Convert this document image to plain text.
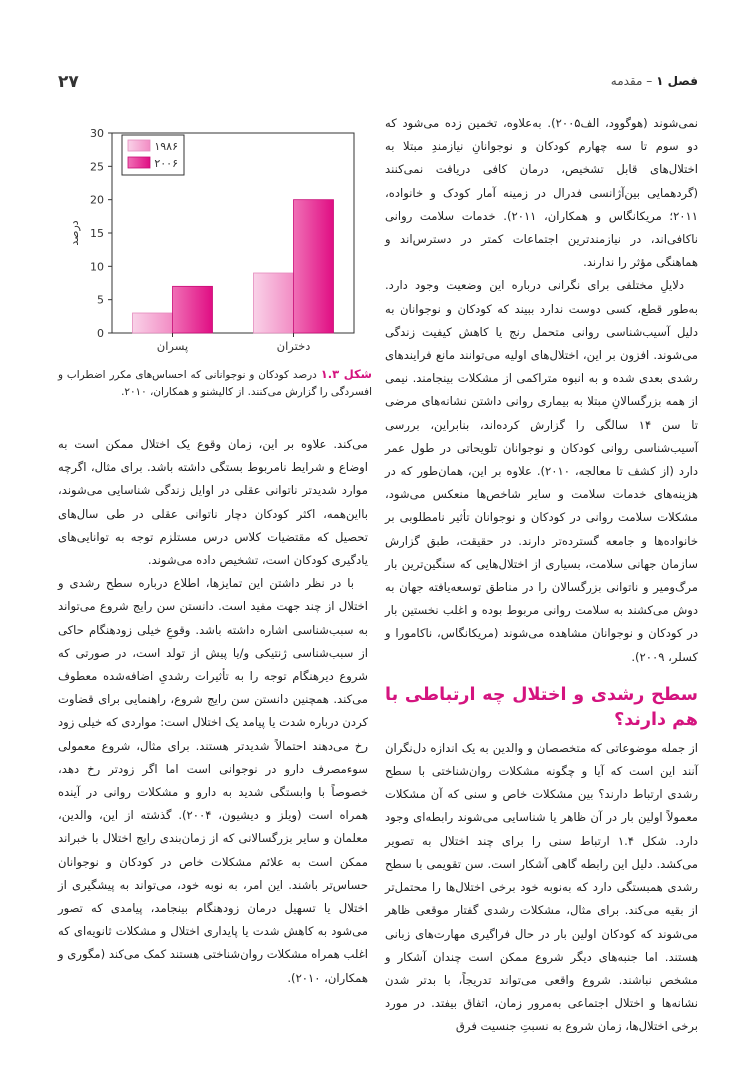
۲۷	فصل ۱ – مقدمه
0
5
10
15
20
25
30
دختران
پسران
درصد
۱۹۸۶
۲۰۰۶
شکل ۱.۳ درصد کودکان و نوجوانانی که احساس‌های مکرر اضطراب و افسردگی را گزارش می‌کنند. از کالیشنو و همکاران، ۲۰۱۰.

نمی‌شوند (هوگوود، الف۲۰۰۵). به‌علاوه، تخمین زده می‌شود که دو سوم تا سه چهارم کودکان و نوجوانانِ نیازمندِ مبتلا به اختلال‌های قابل تشخیص، درمان کافی دریافت نمی‌کنند (گردهمایی بین‌آژانسی فدرال در زمینه آمار کودک و خانواده، ۲۰۱۱؛ مریکانگاس و همکاران، ۲۰۱۱). خدمات سلامت روانی ناکافی‌اند، در نیازمندترین اجتماعات کمتر در دسترس‌اند و هماهنگی مؤثر را ندارند.

دلایلِ مختلفی برای نگرانی درباره این وضعیت وجود دارد. به‌طور قطع، کسی دوست ندارد ببیند که کودکان و نوجوانان به دلیل آسیب‌شناسی روانی متحمل رنج یا کاهش کیفیت زندگی می‌شوند. افزون بر این، اختلال‌های اولیه می‌توانند مانع فرایندهای رشدی بعدی شده و به انبوه متراکمی از مشکلات بینجامند. نیمی از همه بزرگسالانِ مبتلا به بیماری روانی داشتن نشانه‌های مرضی تا سن ۱۴ سالگی را گزارش کرده‌اند، بنابراین، بررسی آسیب‌شناسی روانی کودکان و نوجوانان تلویحاتی در طول عمر دارد (از کشف تا معالجه، ۲۰۱۰). علاوه بر این، همان‌طور که در هزینه‌های خدمات سلامت و سایر شاخص‌ها منعکس می‌شود، مشکلات سلامت روانی در کودکان و نوجوانان تأثیر نامطلوبی بر خانواده‌ها و جامعه گسترده‌تر دارند. در حقیقت، طبق گزارش سازمان جهانی سلامت، بسیاری از اختلال‌هایی که سنگین‌ترین بار مرگ‌ومیر و ناتوانی بزرگسالان را در مناطق توسعه‌یافته جهان به دوش می‌کشند به سلامت روانی مربوط بوده و اغلب نخستین بار در کودکان و نوجوانان مشاهده می‌شوند (مریکانگاس، ناکامورا و کسلر، ۲۰۰۹).

سطح رشدی و اختلال چه ارتباطی با هم دارند؟

از جمله موضوعاتی که متخصصان و والدین به یک اندازه دل‌نگران آنند این است که آیا و چگونه مشکلات روان‌شناختی با سطح رشدی ارتباط دارند؟ بین مشکلات خاص و سنی که آن مشکلات معمولاً اولین بار در آن ظاهر یا شناسایی می‌شوند رابطه‌ای وجود دارد. شکل ۱.۴ ارتباط سنی را برای چند اختلال به تصویر می‌کشد. دلیل این رابطه گاهی آشکار است. سن تقویمی با سطح رشدی همبستگی دارد که به‌نوبه خود برخی اختلال‌ها را محتمل‌تر از بقیه می‌کند. برای مثال، مشکلات رشدی گفتار موقعی ظاهر می‌شوند که کودکان اولین بار در حال فراگیری مهارت‌های زبانی هستند. اما جنبه‌های دیگر شروع ممکن است چندان آشکار و مشخص نباشند. شروع واقعی می‌تواند تدریجاً، با بدتر شدن نشانه‌ها و اختلال اجتماعی به‌مرور زمان، اتفاق بیفتد. در مورد برخی اختلال‌ها، زمان شروع به نسبتِ جنسیت فرق

می‌کند. علاوه بر این، زمان وقوع یک اختلال ممکن است به اوضاع و شرایط نامربوط بستگی داشته باشد. برای مثال، اگرچه موارد شدیدتر ناتوانی عقلی در اوایل زندگی شناسایی می‌شوند، بااین‌همه، اکثر کودکان دچار ناتوانی عقلی در طی سال‌های تحصیل که مقتضیات کلاس درس مستلزم توجه به توانایی‌های یادگیری کودکان است، تشخیص داده می‌شوند.

با در نظر داشتن این تمایزها، اطلاع درباره سطح رشدی و اختلال از چند جهت مفید است. دانستن سن رایج شروع می‌تواند به سبب‌شناسی اشاره داشته باشد. وقوعِ خیلی زودهنگام حاکی از سبب‌شناسی ژنتیکی و/یا پیش از تولد است، در صورتی که شروع دیرهنگام توجه را به تأثیرات رشدیِ اضافه‌شده معطوف می‌کند. همچنین دانستن سن رایج شروع، راهنمایی برای قضاوت کردن درباره شدت یا پیامد یک اختلال است: مواردی که خیلی زود رخ می‌دهند احتمالاً شدیدتر هستند. برای مثال، شروع معمولی سوءمصرف دارو در نوجوانی است اما اگر زودتر رخ دهد، خصوصاً با وابستگی شدید به دارو و مشکلات روانی در آینده همراه است (ویلز و دیشیون، ۲۰۰۴). گذشته از این، والدین، معلمان و سایر بزرگسالانی که از زمان‌بندی رایج اختلال با خبراند ممکن است به علائم مشکلات خاص در کودکان و نوجوانان حساس‌تر باشند. این امر، به نوبه خود، می‌تواند به پیشگیری از اختلال یا تسهیل درمان زودهنگام بینجامد، پیامدی که تصور می‌شود به کاهش شدت یا پایداری اختلال و مشکلات ثانویه‌ای که اغلب همراه مشکلات روان‌شناختی هستند کمک می‌کند (مگوری و همکاران، ۲۰۱۰).
